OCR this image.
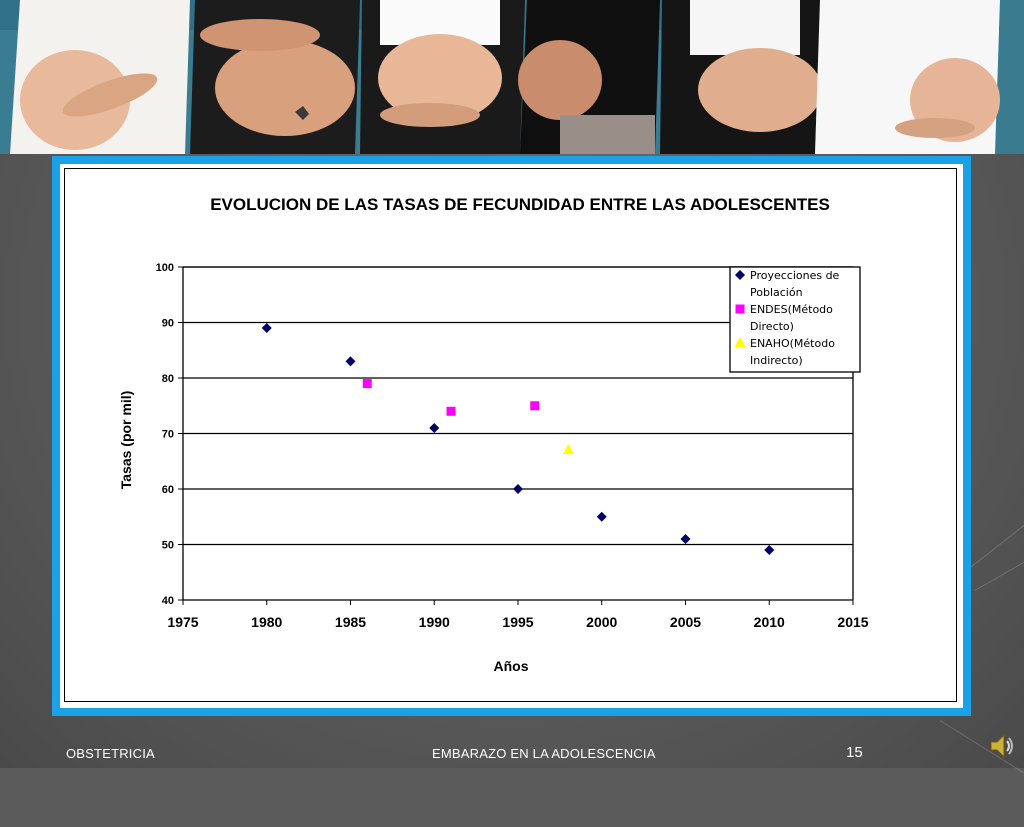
EVOLUCION DE LAS TASAS DE FECUNDIDAD ENTRE LAS ADOLESCENTES
1975	1980	1985	1990	1995	2000	2005	2010	2015
40
50
60
70
80
90
100
Años
Tasas (por mil)
Proyecciones de
Población
ENDES(Método
Directo)
ENAHO(Método
Indirecto)
OBSTETRICIA	EMBARAZO EN LA ADOLESCENCIA	15
